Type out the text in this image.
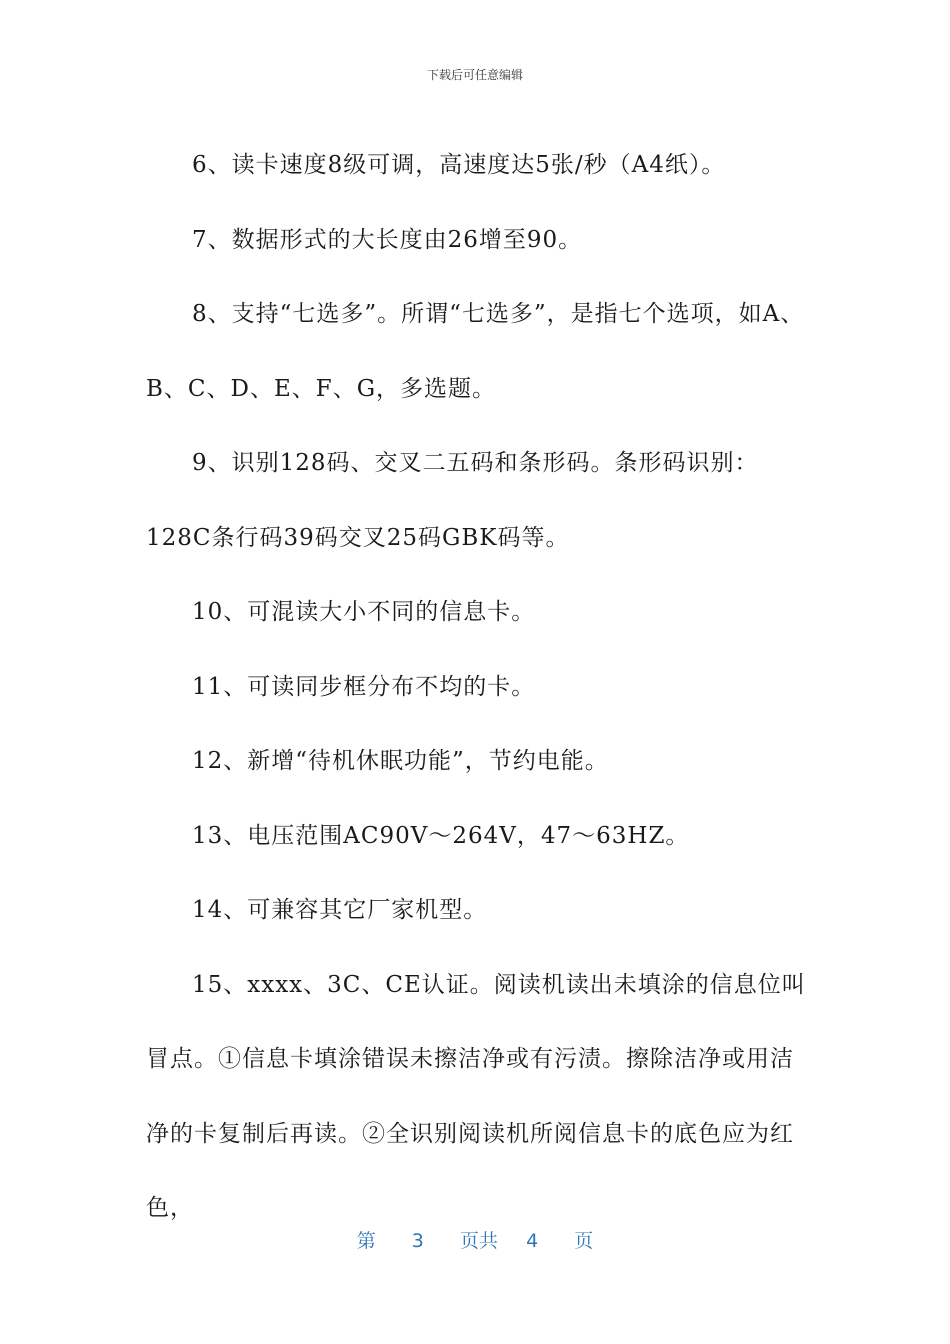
下载后可任意编辑

6、读卡速度8级可调，高速度达5张/秒（A4纸）。

7、数据形式的大长度由26增至90。

8、支持“七选多”。所谓“七选多”，是指七个选项，如A、B、C、D、E、F、G，多选题。

9、识别128码、交叉二五码和条形码。条形码识别：128C条行码39码交叉25码GBK码等。

10、可混读大小不同的信息卡。

11、可读同步框分布不均的卡。

12、新增“待机休眠功能”，节约电能。

13、电压范围AC90V～264V，47～63HZ。

14、可兼容其它厂家机型。

15、xxxx、3C、CE认证。阅读机读出未填涂的信息位叫冒点。①信息卡填涂错误未擦洁净或有污渍。擦除洁净或用洁净的卡复制后再读。②全识别阅读机所阅信息卡的底色应为红色，

第 3 页共 4 页
